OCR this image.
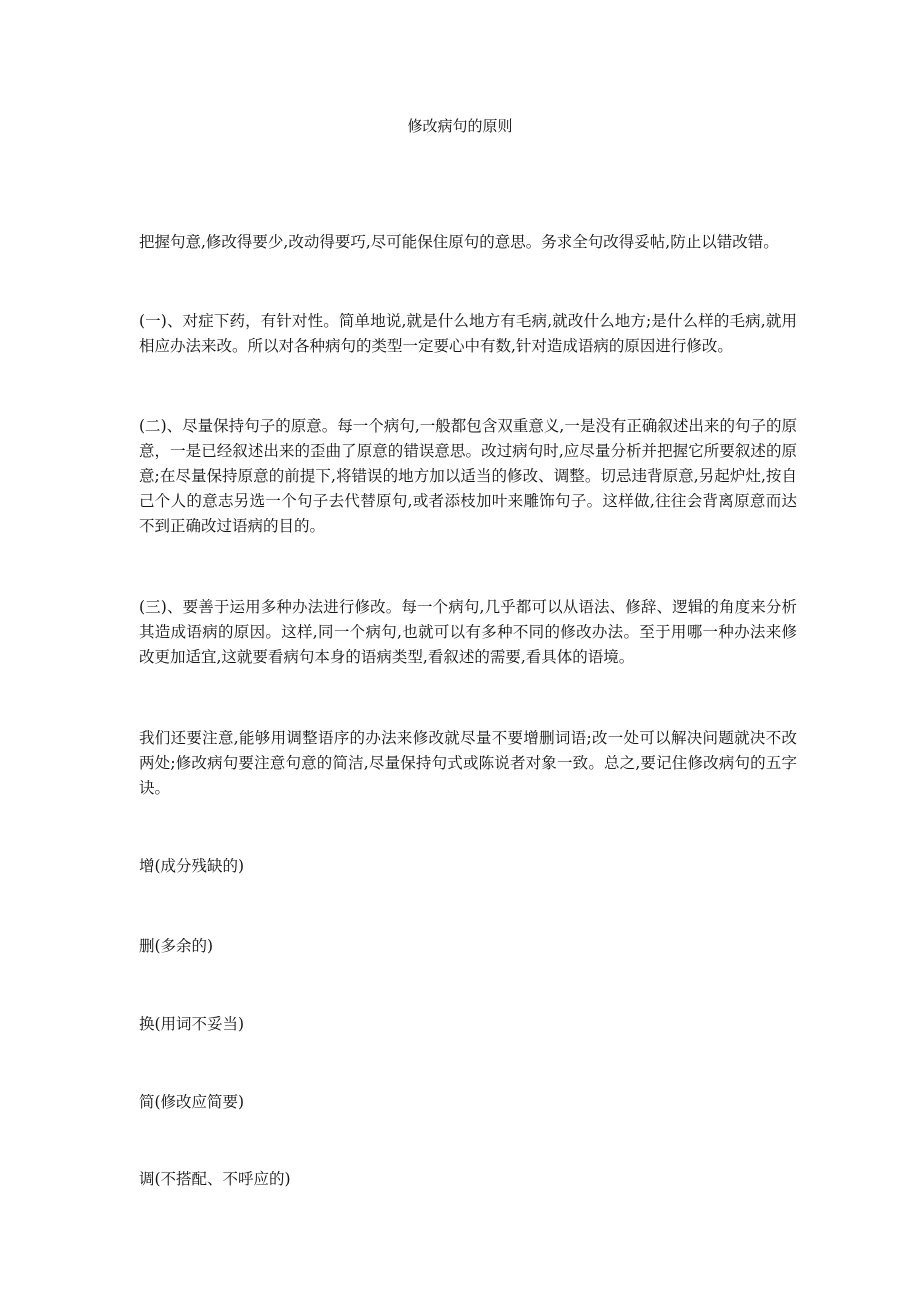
修改病句的原则

把握句意,修改得要少,改动得要巧,尽可能保住原句的意思。务求全句改得妥帖,防止以错改错。

(一)、对症下药，有针对性。简单地说,就是什么地方有毛病,就改什么地方;是什么样的毛病,就用相应办法来改。所以对各种病句的类型一定要心中有数,针对造成语病的原因进行修改。

(二)、尽量保持句子的原意。每一个病句,一般都包含双重意义,一是没有正确叙述出来的句子的原意，一是已经叙述出来的歪曲了原意的错误意思。改过病句时,应尽量分析并把握它所要叙述的原意;在尽量保持原意的前提下,将错误的地方加以适当的修改、调整。切忌违背原意,另起炉灶,按自己个人的意志另选一个句子去代替原句,或者添枝加叶来雕饰句子。这样做,往往会背离原意而达不到正确改过语病的目的。

(三)、要善于运用多种办法进行修改。每一个病句,几乎都可以从语法、修辞、逻辑的角度来分析其造成语病的原因。这样,同一个病句,也就可以有多种不同的修改办法。至于用哪一种办法来修改更加适宜,这就要看病句本身的语病类型,看叙述的需要,看具体的语境。

我们还要注意,能够用调整语序的办法来修改就尽量不要增删词语;改一处可以解决问题就决不改两处;修改病句要注意句意的简洁,尽量保持句式或陈说者对象一致。总之,要记住修改病句的五字诀。

增(成分残缺的)

删(多余的)

换(用词不妥当)

简(修改应简要)

调(不搭配、不呼应的)
